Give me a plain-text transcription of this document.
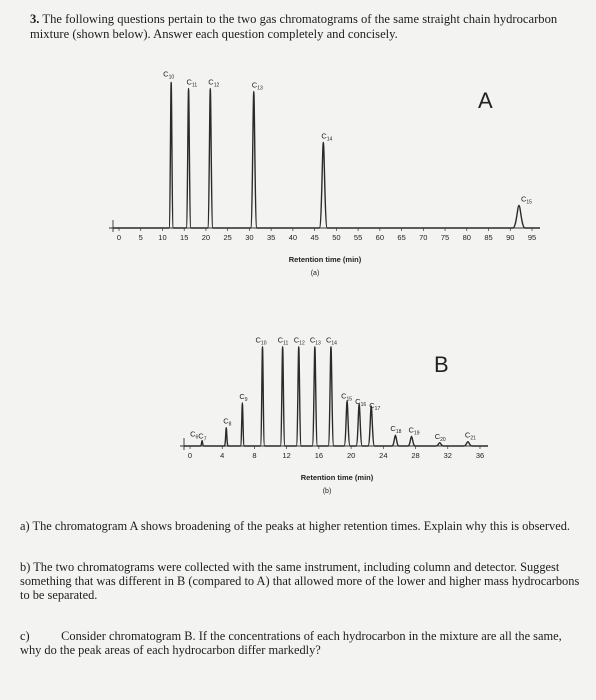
3. The following questions pertain to the two gas chromatograms of the same straight chain hydrocarbon mixture (shown below). Answer each question completely and concisely.
A
$C_{10}$ $C_{11}$ $C_{12}$	$C_{13}$
$C_{14}$
$C_{15}$
0 5 10 15 20 25 30 35 40 45 50 55 60 65 70 75 80 85 90 95
Retention time (min)
(a)
B
$C_6C_7$
$C_8$
$C_9$
$C_{10}$ $C_{11}$ $C_{12}$ $C_{13}$ $C_{14}$
$C_{15}$ $C_{16}$ $C_{17}$
$C_{18}$ $C_{19}$ $C_{20}$
$C_{21}$
0	4	8	12	16	20	24	28	32	36
Retention time (min)
(b)
a) The chromatogram A shows broadening of the peaks at higher retention times. Explain why this is observed.
b) The two chromatograms were collected with the same instrument, including column and detector. Suggest something that was different in B (compared to A) that allowed more of the lower and higher mass hydrocarbons to be separated.
c)	Consider chromatogram B. If the concentrations of each hydrocarbon in the mixture are all the same, why do the peak areas of each hydrocarbon differ markedly?
